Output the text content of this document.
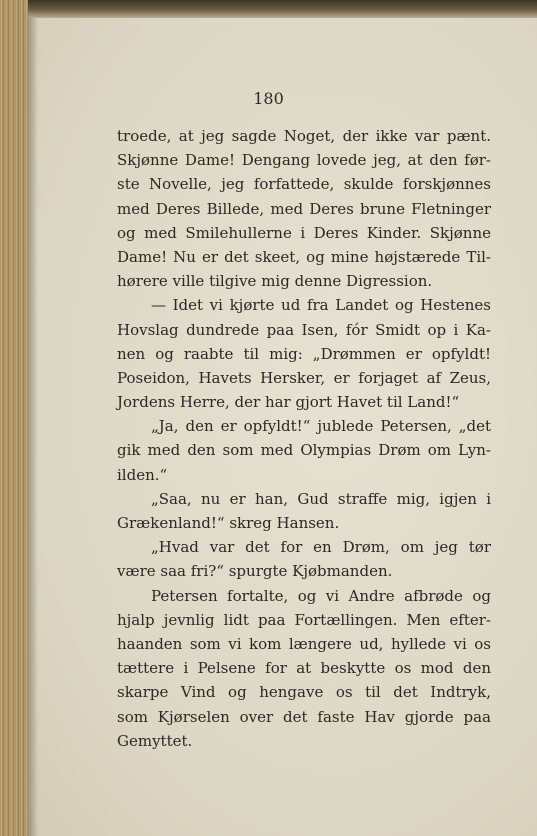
180

troede, at jeg sagde Noget, der ikke var pænt.
Skjønne Dame! Dengang lovede jeg, at den før-
ste Novelle, jeg forfattede, skulde forskjønnes
med Deres Billede, med Deres brune Fletninger
og med Smilehullerne i Deres Kinder. Skjønne
Dame! Nu er det skeet, og mine højstærede Til-
hørere ville tilgive mig denne Digression.
— Idet vi kjørte ud fra Landet og Hestenes
Hovslag dundrede paa Isen, fór Smidt op i Ka-
nen og raabte til mig: „Drømmen er opfyldt!
Poseidon, Havets Hersker, er forjaget af Zeus,
Jordens Herre, der har gjort Havet til Land!“
„Ja, den er opfyldt!“ jublede Petersen, „det
gik med den som med Olympias Drøm om Lyn-
ilden.“
„Saa, nu er han, Gud straffe mig, igjen i
Grækenland!“ skreg Hansen.
„Hvad var det for en Drøm, om jeg tør
være saa fri?“ spurgte Kjøbmanden.
Petersen fortalte, og vi Andre afbrøde og
hjalp jevnlig lidt paa Fortællingen. Men efter-
haanden som vi kom længere ud, hyllede vi os
tættere i Pelsene for at beskytte os mod den
skarpe Vind og hengave os til det Indtryk,
som Kjørselen over det faste Hav gjorde paa
Gemyttet.
